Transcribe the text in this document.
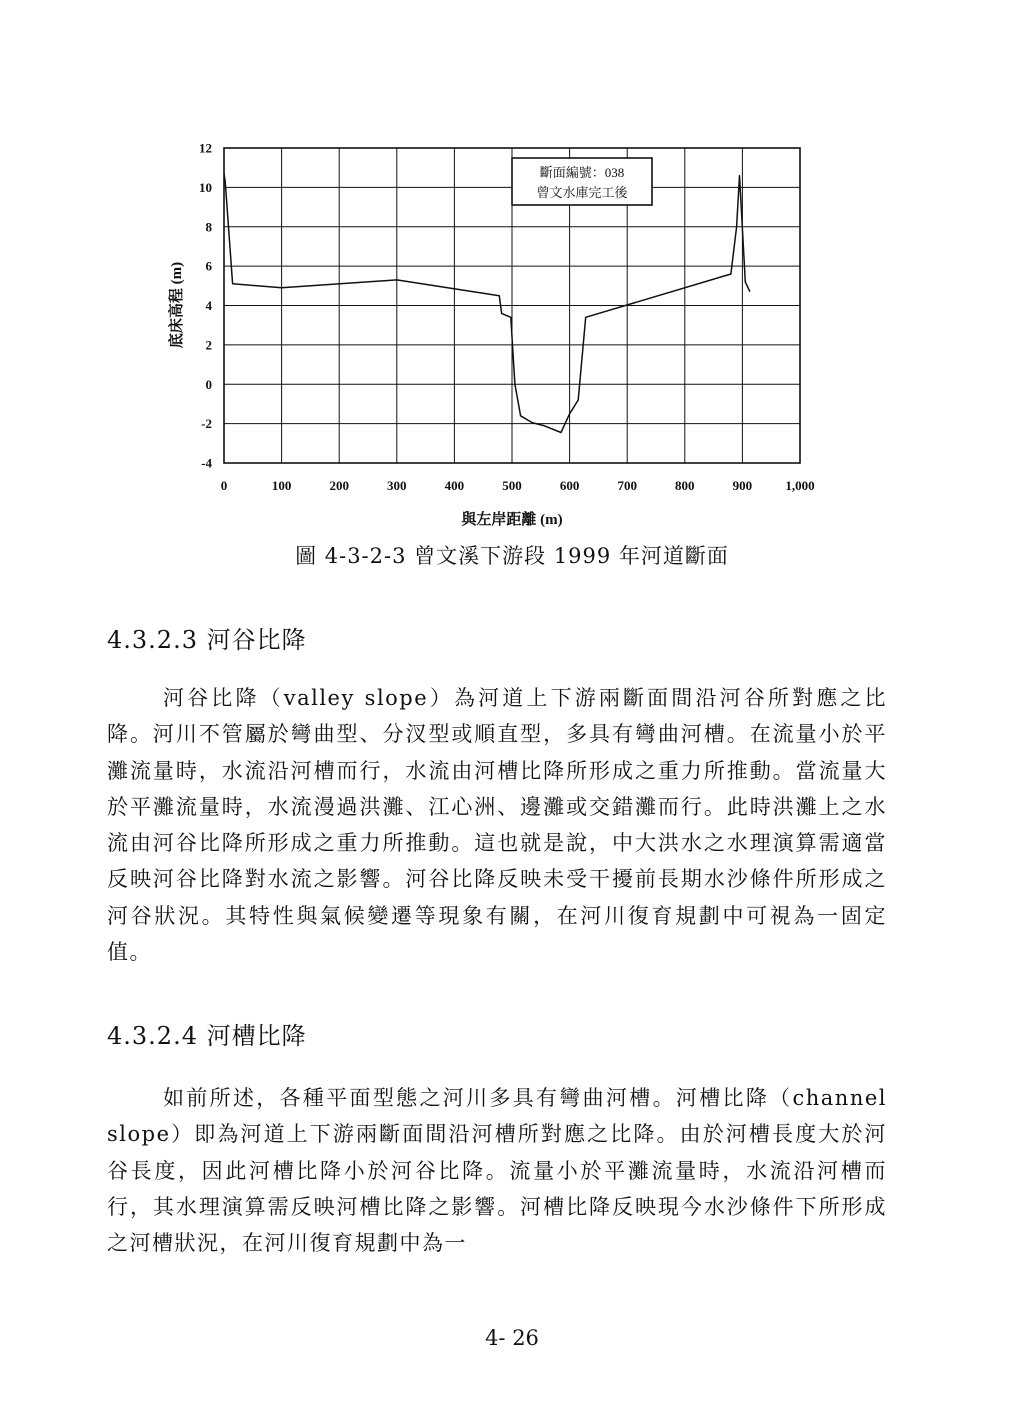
12
10
8
6
4
2
0
-2
-4
0	100	200	300	400	500	600	700	800	900	1,000
斷面編號：038
曾文水庫完工後
底床高程 (m)
與左岸距離 (m)
圖 4-3-2-3 曾文溪下游段 1999 年河道斷面
4.3.2.3 河谷比降
河谷比降（valley slope）為河道上下游兩斷面間沿河谷所對應之比降。河川不管屬於彎曲型、分汊型或順直型，多具有彎曲河槽。在流量小於平灘流量時，水流沿河槽而行，水流由河槽比降所形成之重力所推動。當流量大於平灘流量時，水流漫過洪灘、江心洲、邊灘或交錯灘而行。此時洪灘上之水流由河谷比降所形成之重力所推動。這也就是說，中大洪水之水理演算需適當反映河谷比降對水流之影響。河谷比降反映未受干擾前長期水沙條件所形成之河谷狀況。其特性與氣候變遷等現象有關，在河川復育規劃中可視為一固定值。
4.3.2.4 河槽比降
如前所述，各種平面型態之河川多具有彎曲河槽。河槽比降（channel slope）即為河道上下游兩斷面間沿河槽所對應之比降。由於河槽長度大於河谷長度，因此河槽比降小於河谷比降。流量小於平灘流量時，水流沿河槽而行，其水理演算需反映河槽比降之影響。河槽比降反映現今水沙條件下所形成之河槽狀況，在河川復育規劃中為一
4- 26
